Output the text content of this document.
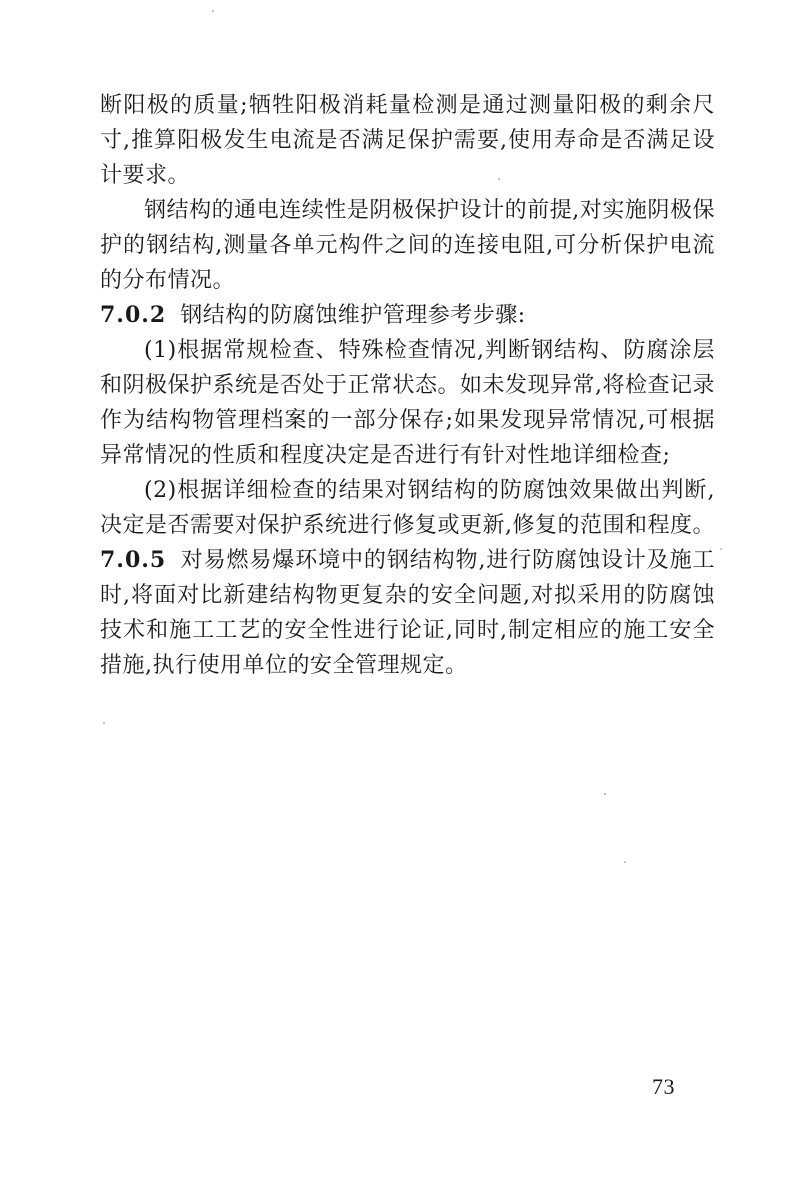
断阳极的质量;牺牲阳极消耗量检测是通过测量阳极的剩余尺寸,推算阳极发生电流是否满足保护需要,使用寿命是否满足设计要求。

钢结构的通电连续性是阴极保护设计的前提,对实施阴极保护的钢结构,测量各单元构件之间的连接电阻,可分析保护电流的分布情况。

7.0.2 钢结构的防腐蚀维护管理参考步骤:

(1)根据常规检查、特殊检查情况,判断钢结构、防腐涂层和阴极保护系统是否处于正常状态。如未发现异常,将检查记录作为结构物管理档案的一部分保存;如果发现异常情况,可根据异常情况的性质和程度决定是否进行有针对性地详细检查;

(2)根据详细检查的结果对钢结构的防腐蚀效果做出判断,决定是否需要对保护系统进行修复或更新,修复的范围和程度。

7.0.5 对易燃易爆环境中的钢结构物,进行防腐蚀设计及施工时,将面对比新建结构物更复杂的安全问题,对拟采用的防腐蚀技术和施工工艺的安全性进行论证,同时,制定相应的施工安全措施,执行使用单位的安全管理规定。

73
